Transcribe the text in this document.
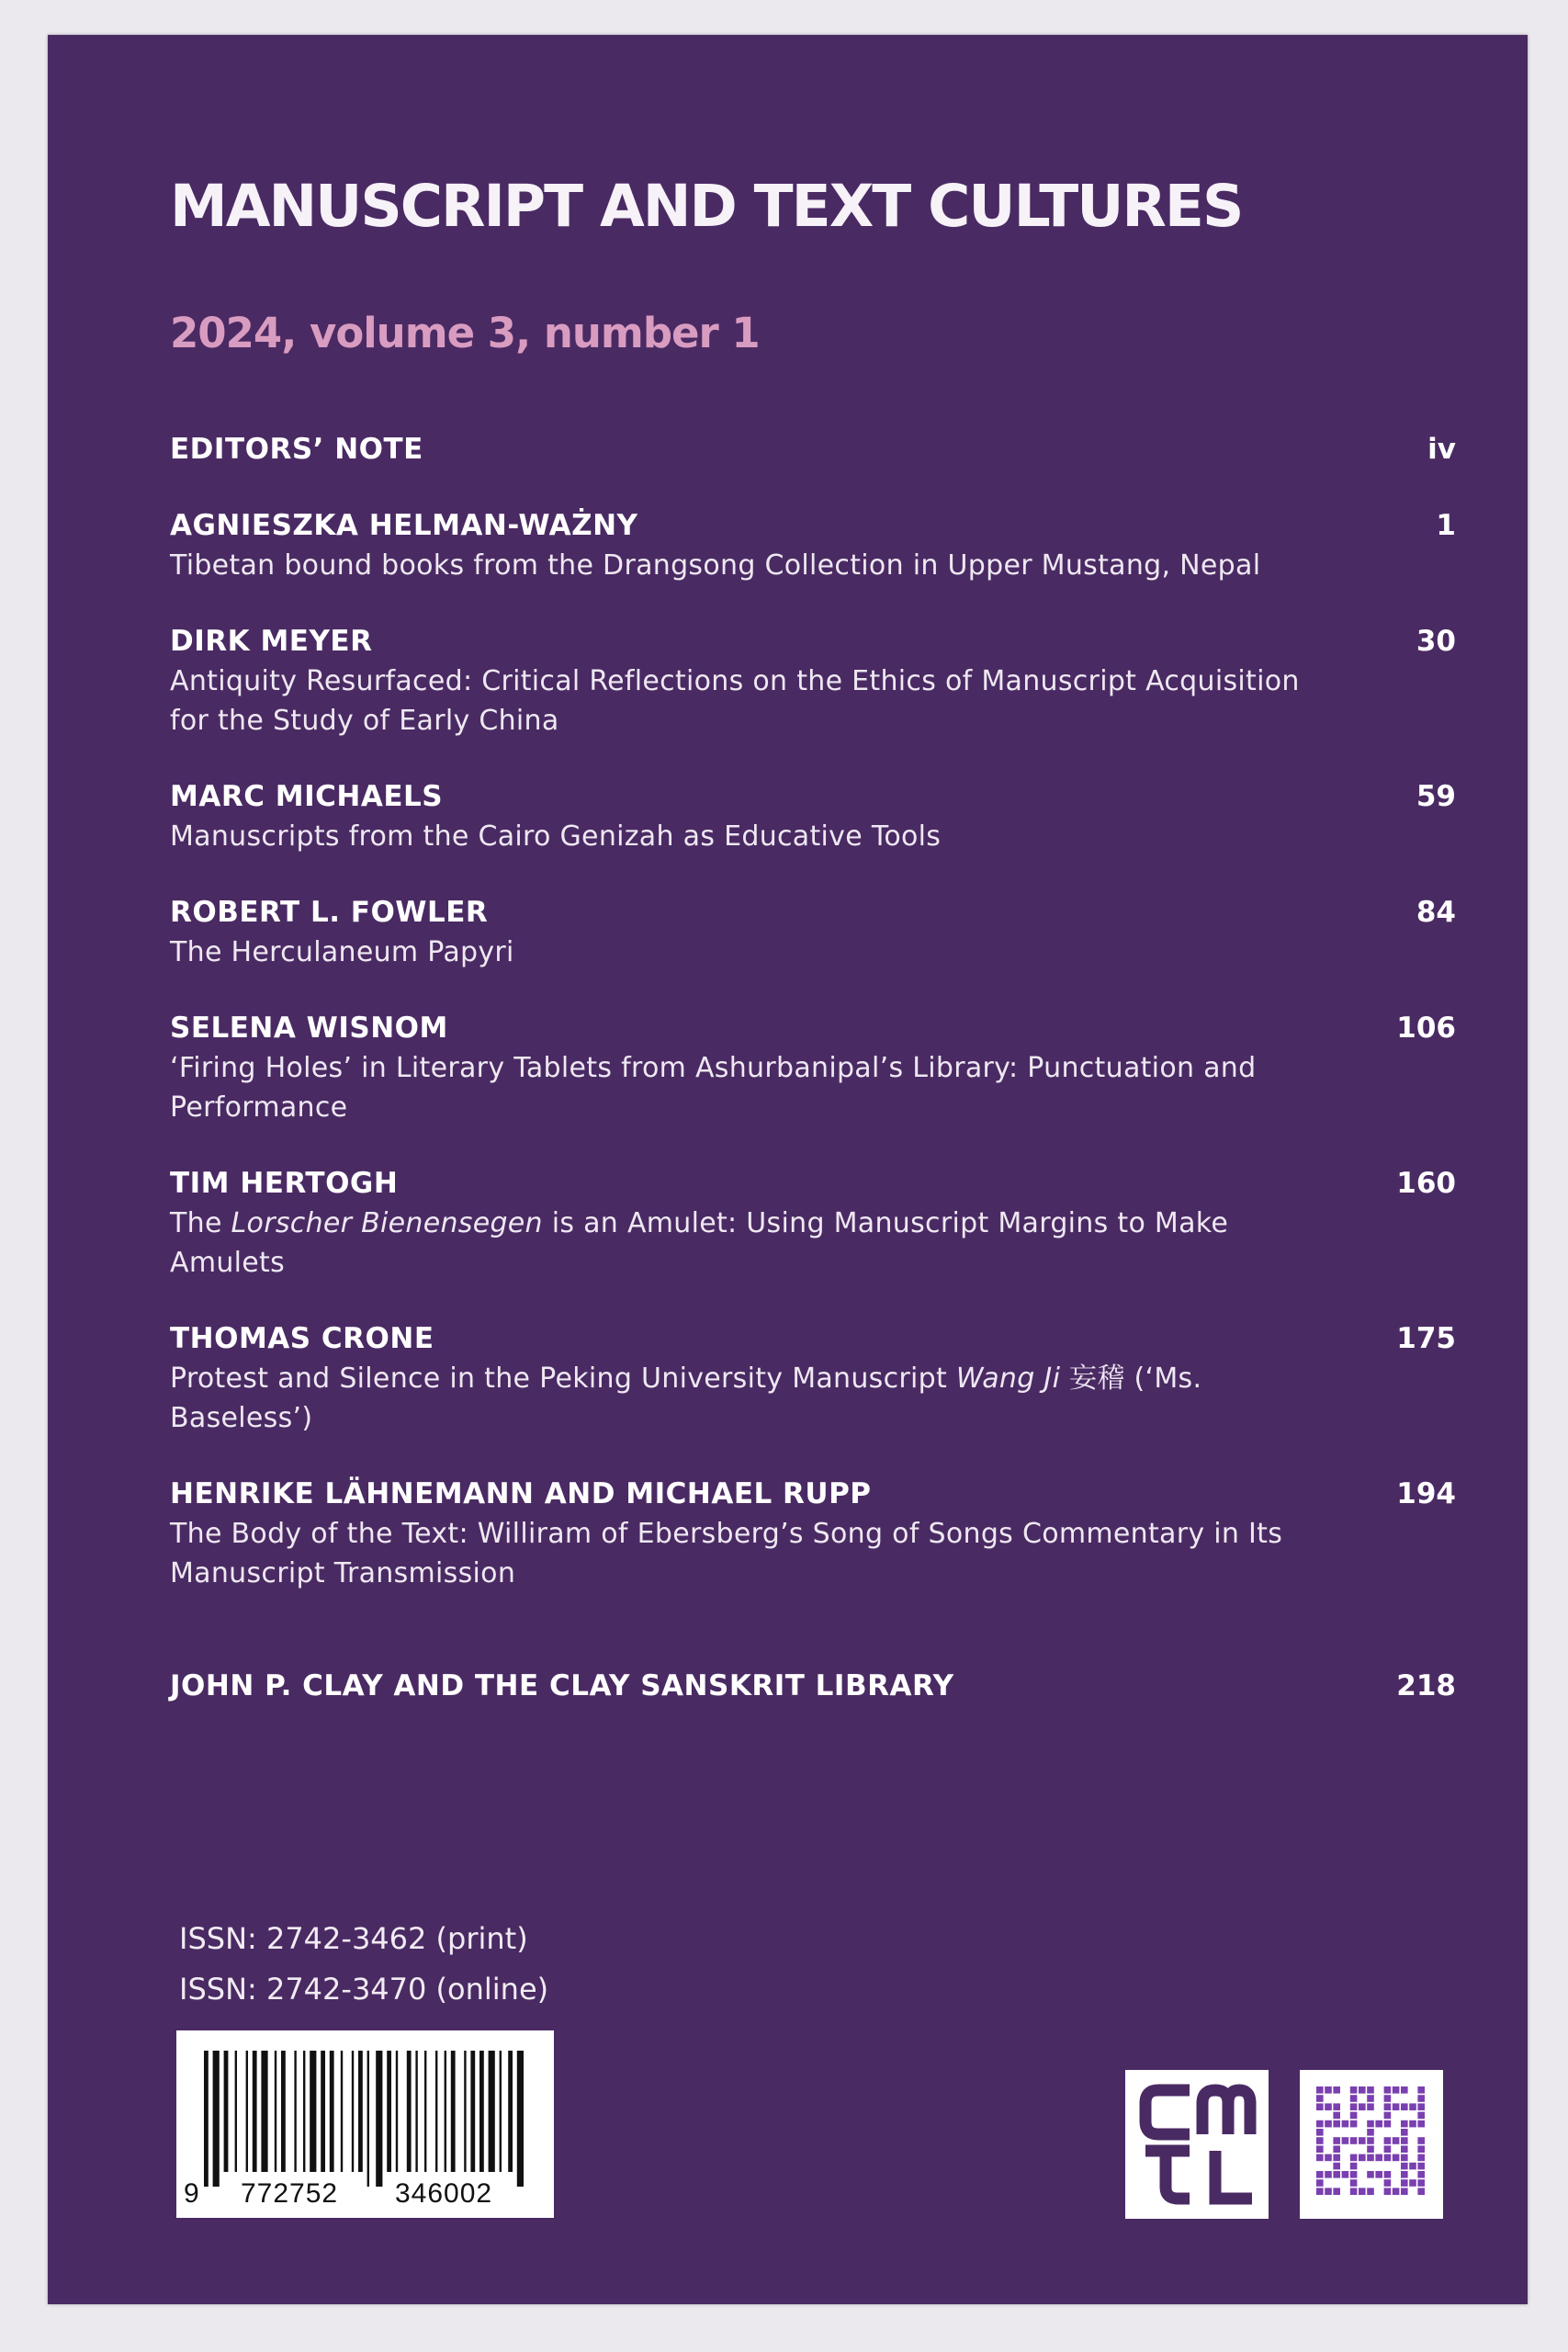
MANUSCRIPT AND TEXT CULTURES
2024, volume 3, number 1
EDITORS’ NOTE	iv
AGNIESZKA HELMAN-WAŻNY	1
Tibetan bound books from the Drangsong Collection in Upper Mustang, Nepal
DIRK MEYER	30
Antiquity Resurfaced: Critical Reflections on the Ethics of Manuscript Acquisition for the Study of Early China
MARC MICHAELS	59
Manuscripts from the Cairo Genizah as Educative Tools
ROBERT L. FOWLER	84
The Herculaneum Papyri
SELENA WISNOM	106
‘Firing Holes’ in Literary Tablets from Ashurbanipal’s Library: Punctuation and Performance
TIM HERTOGH	160
The Lorscher Bienensegen is an Amulet: Using Manuscript Margins to Make Amulets
THOMAS CRONE	175
Protest and Silence in the Peking University Manuscript Wang Ji 妄稽 (‘Ms. Baseless’)
HENRIKE LÄHNEMANN AND MICHAEL RUPP	194
The Body of the Text: Williram of Ebersberg’s Song of Songs Commentary in Its Manuscript Transmission
JOHN P. CLAY AND THE CLAY SANSKRIT LIBRARY	218
ISSN: 2742-3462 (print)
ISSN: 2742-3470 (online)
9 772752 346002
